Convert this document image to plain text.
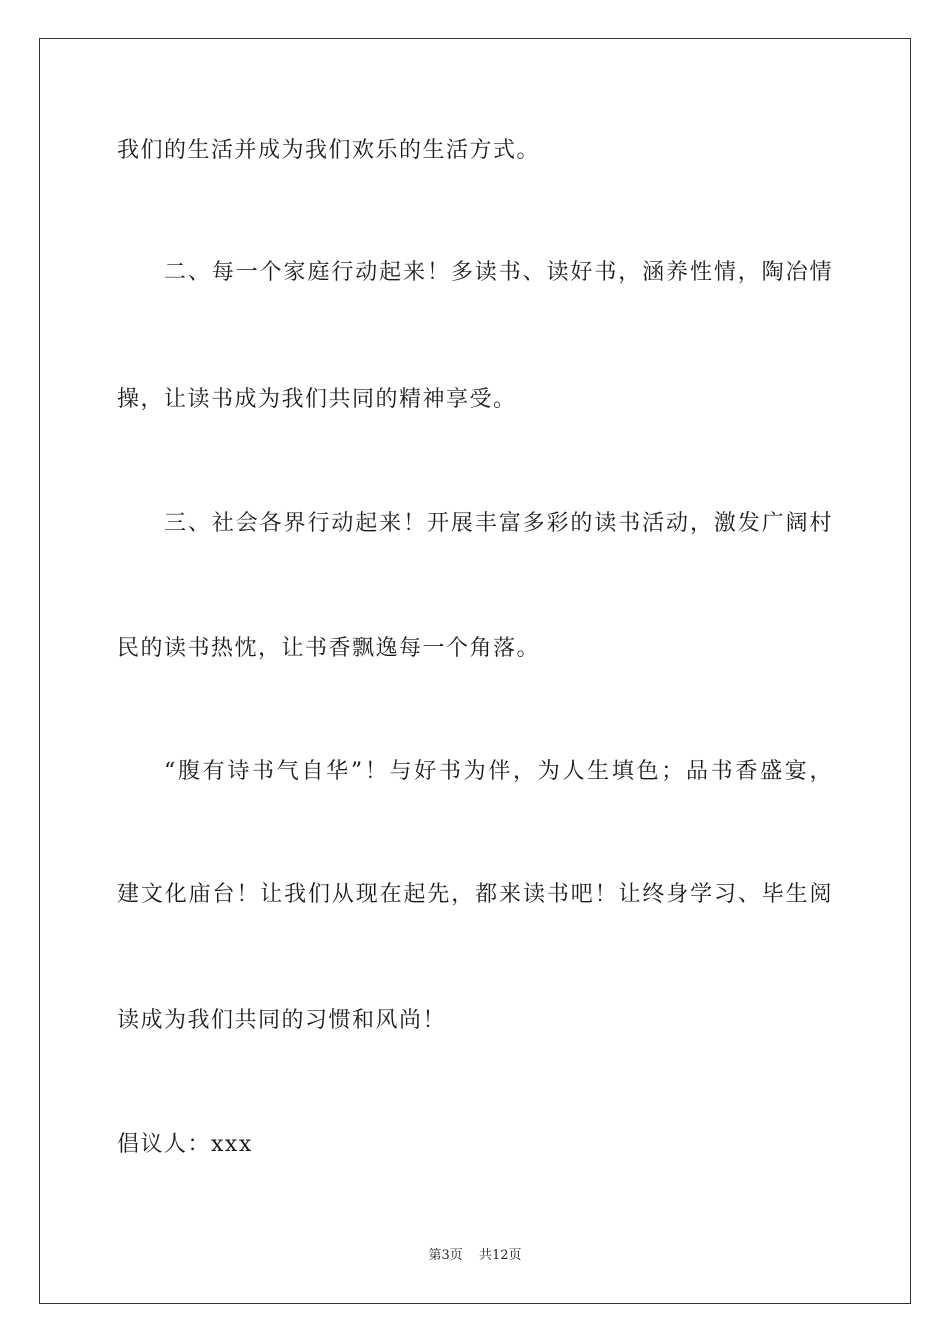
我们的生活并成为我们欢乐的生活方式。
二、每一个家庭行动起来！多读书、读好书，涵养性情，陶冶情
操，让读书成为我们共同的精神享受。
三、社会各界行动起来！开展丰富多彩的读书活动，激发广阔村
民的读书热忱，让书香飘逸每一个角落。
“腹有诗书气自华”！与好书为伴，为人生填色；品书香盛宴，
建文化庙台！让我们从现在起先，都来读书吧！让终身学习、毕生阅
读成为我们共同的习惯和风尚！
倡议人：xxx
第3页 共12页
